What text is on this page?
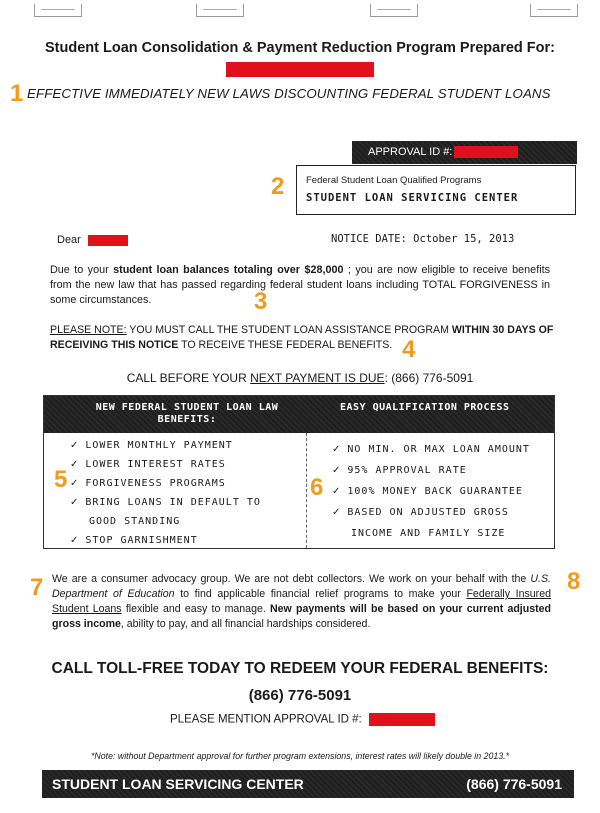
Student Loan Consolidation & Payment Reduction Program Prepared For:
1 EFFECTIVE IMMEDIATELY NEW LAWS DISCOUNTING FEDERAL STUDENT LOANS
APPROVAL ID #:
2 Federal Student Loan Qualified Programs
STUDENT LOAN SERVICING CENTER
Dear	NOTICE DATE: October 15, 2013
Due to your student loan balances totaling over $28,000 ; you are now eligible to receive benefits from the new law that has passed regarding federal student loans including TOTAL FORGIVENESS in some circumstances.	3
PLEASE NOTE: YOU MUST CALL THE STUDENT LOAN ASSISTANCE PROGRAM WITHIN 30 DAYS OF RECEIVING THIS NOTICE TO RECEIVE THESE FEDERAL BENEFITS. 4
CALL BEFORE YOUR NEXT PAYMENT IS DUE: (866) 776-5091
NEW FEDERAL STUDENT LOAN LAW BENEFITS:
EASY QUALIFICATION PROCESS
✓ LOWER MONTHLY PAYMENT
✓ LOWER INTEREST RATES
✓ FORGIVENESS PROGRAMS
✓ BRING LOANS IN DEFAULT TO
GOOD STANDING
✓ STOP GARNISHMENT
✓ NO MIN. OR MAX LOAN AMOUNT
✓ 95% APPROVAL RATE
✓ 100% MONEY BACK GUARANTEE
✓ BASED ON ADJUSTED GROSS
INCOME AND FAMILY SIZE
5	6
7	8
We are a consumer advocacy group. We are not debt collectors. We work on your behalf with the U.S. Department of Education to find applicable financial relief programs to make your Federally Insured Student Loans flexible and easy to manage. New payments will be based on your current adjusted gross income, ability to pay, and all financial hardships considered.
CALL TOLL-FREE TODAY TO REDEEM YOUR FEDERAL BENEFITS:
(866) 776-5091
PLEASE MENTION APPROVAL ID #:
*Note: without Department approval for further program extensions, interest rates will likely double in 2013.*
STUDENT LOAN SERVICING CENTER	(866) 776-5091
